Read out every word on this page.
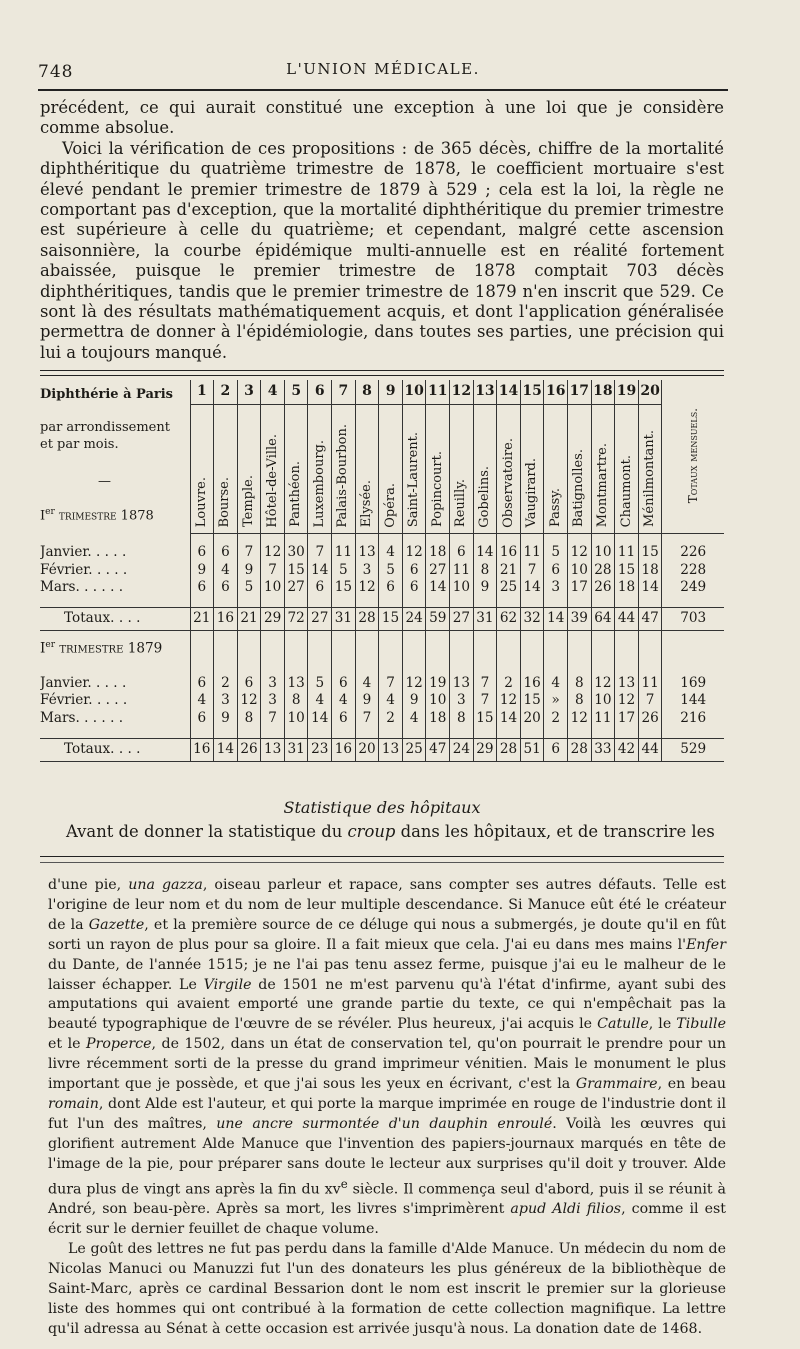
748	L'UNION MÉDICALE.

précédent, ce qui aurait constitué une exception à une loi que je considère comme absolue.

Voici la vérification de ces propositions : de 365 décès, chiffre de la mortalité diphthéritique du quatrième trimestre de 1878, le coefficient mortuaire s'est élevé pendant le premier trimestre de 1879 à 529 ; cela est la loi, la règle ne comportant pas d'exception, que la mortalité diphthéritique du premier trimestre est supérieure à celle du quatrième; et cependant, malgré cette ascension saisonnière, la courbe épidémique multi-annuelle est en réalité fortement abaissée, puisque le premier trimestre de 1878 comptait 703 décès diphthéritiques, tandis que le premier trimestre de 1879 n'en inscrit que 529. Ce sont là des résultats mathématiquement acquis, et dont l'application généralisée permettra de donner à l'épidémiologie, dans toutes ses parties, une précision qui lui a toujours manqué.

Diphthérie à Paris
par arrondissement et par mois.
—
Ier trimestre 1878	1	2	3	4	5	6	7	8	9	10	11	12	13	14	15	16	17	18	19	20	Totaux mensuels.
	Louvre.	Bourse.	Temple.	Hôtel-de-Ville.	Panthéon.	Luxembourg.	Palais-Bourbon.	Elysée.	Opéra.	Saint-Laurent.	Popincourt.	Reuilly.	Gobelins.	Observatoire.	Vaugirard.	Passy.	Batignolles.	Montmartre.	Chaumont.	Ménilmontant.	

Janvier. . . . .	6	6	7	12	30	7	11	13	4	12	18	6	14	16	11	5	12	10	11	15	226
Février. . . . .	9	4	9	7	15	14	5	3	5	6	27	11	8	21	7	6	10	28	15	18	228
Mars. . . . . .	6	6	5	10	27	6	15	12	6	6	14	10	9	25	14	3	17	26	18	14	249

Totaux. . . .	21	16	21	29	72	27	31	28	15	24	59	27	31	62	32	14	39	64	44	47	703
Ier trimestre 1879																					

Janvier. . . . .	6	2	6	3	13	5	6	4	7	12	19	13	7	2	16	4	8	12	13	11	169
Février. . . . .	4	3	12	3	8	4	4	9	4	9	10	3	7	12	15	»	8	10	12	7	144
Mars. . . . . .	6	9	8	7	10	14	6	7	2	4	18	8	15	14	20	2	12	11	17	26	216

Totaux. . . .	16	14	26	13	31	23	16	20	13	25	47	24	29	28	51	6	28	33	42	44	529
Statistique des hôpitaux

Avant de donner la statistique du croup dans les hôpitaux, et de transcrire les

d'une pie, una gazza, oiseau parleur et rapace, sans compter ses autres défauts. Telle est l'origine de leur nom et du nom de leur multiple descendance. Si Manuce eût été le créateur de la Gazette, et la première source de ce déluge qui nous a submergés, je doute qu'il en fût sorti un rayon de plus pour sa gloire. Il a fait mieux que cela. J'ai eu dans mes mains l'Enfer du Dante, de l'année 1515; je ne l'ai pas tenu assez ferme, puisque j'ai eu le malheur de le laisser échapper. Le Virgile de 1501 ne m'est parvenu qu'à l'état d'infirme, ayant subi des amputations qui avaient emporté une grande partie du texte, ce qui n'empêchait pas la beauté typographique de l'œuvre de se révéler. Plus heureux, j'ai acquis le Catulle, le Tibulle et le Properce, de 1502, dans un état de conservation tel, qu'on pourrait le prendre pour un livre récemment sorti de la presse du grand imprimeur vénitien. Mais le monument le plus important que je possède, et que j'ai sous les yeux en écrivant, c'est la Grammaire, en beau romain, dont Alde est l'auteur, et qui porte la marque imprimée en rouge de l'industrie dont il fut l'un des maîtres, une ancre surmontée d'un dauphin enroulé. Voilà les œuvres qui glorifient autrement Alde Manuce que l'invention des papiers-journaux marqués en tête de l'image de la pie, pour préparer sans doute le lecteur aux surprises qu'il doit y trouver. Alde dura plus de vingt ans après la fin du $xv^e$ siècle. Il commença seul d'abord, puis il se réunit à André, son beau-père. Après sa mort, les livres s'imprimèrent apud Aldi filios, comme il est écrit sur le dernier feuillet de chaque volume.

Le goût des lettres ne fut pas perdu dans la famille d'Alde Manuce. Un médecin du nom de Nicolas Manuci ou Manuzzi fut l'un des donateurs les plus généreux de la bibliothèque de Saint-Marc, après ce cardinal Bessarion dont le nom est inscrit le premier sur la glorieuse liste des hommes qui ont contribué à la formation de cette collection magnifique. La lettre qu'il adressa au Sénat à cette occasion est arrivée jusqu'à nous. La donation date de 1468.
